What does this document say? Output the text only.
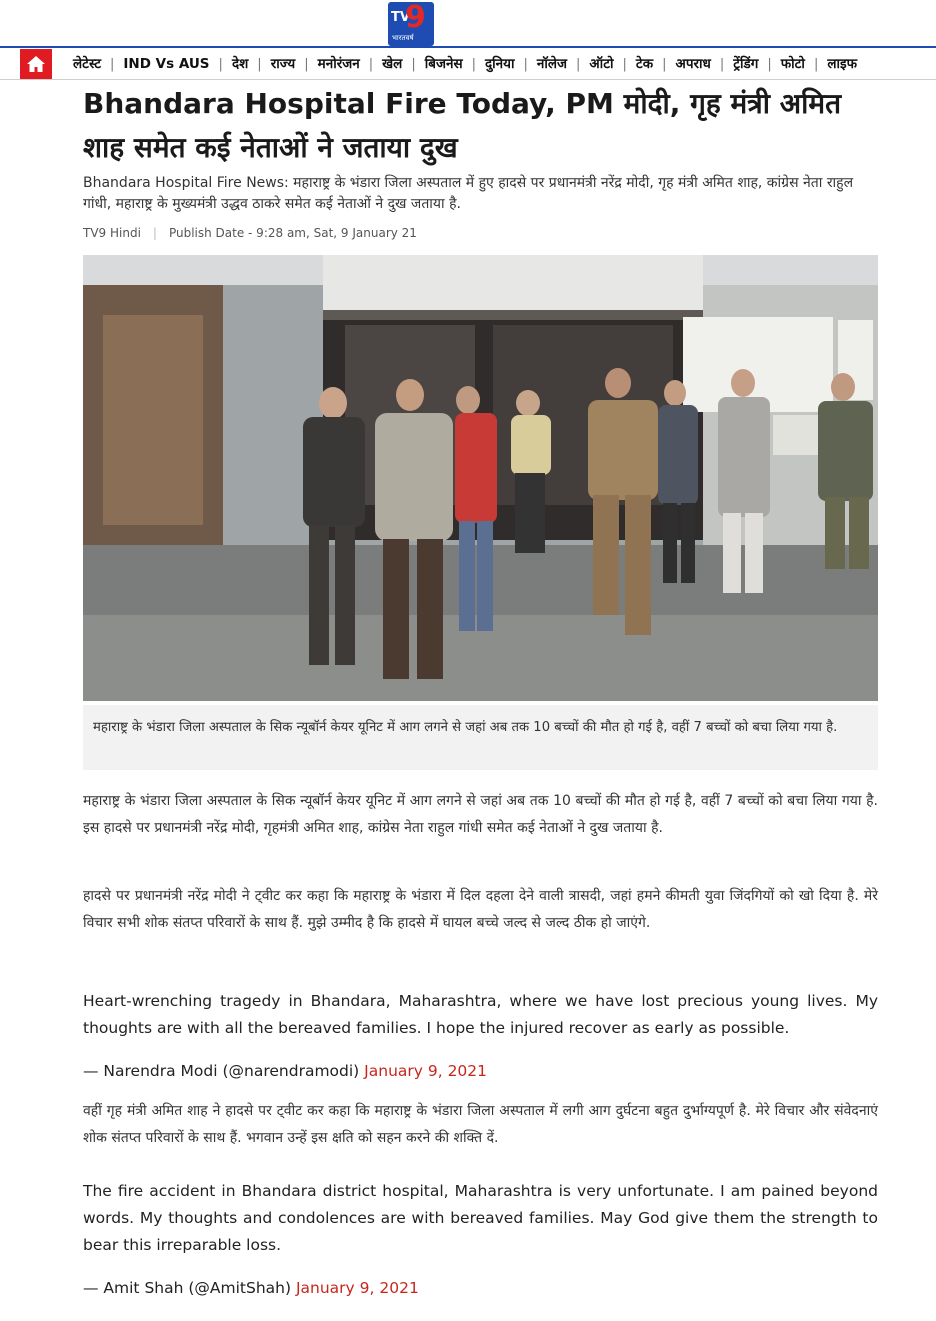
TV
9
भारतवर्ष
लेटेस्ट | IND Vs AUS | देश | राज्य | मनोरंजन | खेल | बिजनेस | दुनिया | नॉलेज | ऑटो | टेक | अपराध | ट्रेंडिंग | फोटो | लाइफ
Bhandara Hospital Fire Today, PM मोदी, गृह मंत्री अमित शाह समेत कई नेताओं ने जताया दुख

Bhandara Hospital Fire News: महाराष्ट्र के भंडारा जिला अस्पताल में हुए हादसे पर प्रधानमंत्री नरेंद्र मोदी, गृह मंत्री अमित शाह, कांग्रेस नेता राहुल गांधी, महाराष्ट्र के मुख्यमंत्री उद्धव ठाकरे समेत कई नेताओं ने दुख जताया है.

TV9 Hindi | Publish Date - 9:28 am, Sat, 9 January 21
महाराष्ट्र के भंडारा जिला अस्पताल के सिक न्यूबॉर्न केयर यूनिट में आग लगने से जहां अब तक 10 बच्चों की मौत हो गई है, वहीं 7 बच्चों को बचा लिया गया है.

महाराष्ट्र के भंडारा जिला अस्पताल के सिक न्यूबॉर्न केयर यूनिट में आग लगने से जहां अब तक 10 बच्चों की मौत हो गई है, वहीं 7 बच्चों को बचा लिया गया है. इस हादसे पर प्रधानमंत्री नरेंद्र मोदी, गृहमंत्री अमित शाह, कांग्रेस नेता राहुल गांधी समेत कई नेताओं ने दुख जताया है.

हादसे पर प्रधानमंत्री नरेंद्र मोदी ने ट्वीट कर कहा कि महाराष्ट्र के भंडारा में दिल दहला देने वाली त्रासदी, जहां हमने कीमती युवा जिंदगियों को खो दिया है. मेरे विचार सभी शोक संतप्त परिवारों के साथ हैं. मुझे उम्मीद है कि हादसे में घायल बच्चे जल्द से जल्द ठीक हो जाएंगे.

Heart-wrenching tragedy in Bhandara, Maharashtra, where we have lost precious young lives. My thoughts are with all the bereaved families. I hope the injured recover as early as possible.

— Narendra Modi (@narendramodi) January 9, 2021

वहीं गृह मंत्री अमित शाह ने हादसे पर ट्वीट कर कहा कि महाराष्ट्र के भंडारा जिला अस्पताल में लगी आग दुर्घटना बहुत दुर्भाग्यपूर्ण है. मेरे विचार और संवेदनाएं शोक संतप्त परिवारों के साथ हैं. भगवान उन्हें इस क्षति को सहन करने की शक्ति दें.

The fire accident in Bhandara district hospital, Maharashtra is very unfortunate. I am pained beyond words. My thoughts and condolences are with bereaved families. May God give them the strength to bear this irreparable loss.

— Amit Shah (@AmitShah) January 9, 2021
